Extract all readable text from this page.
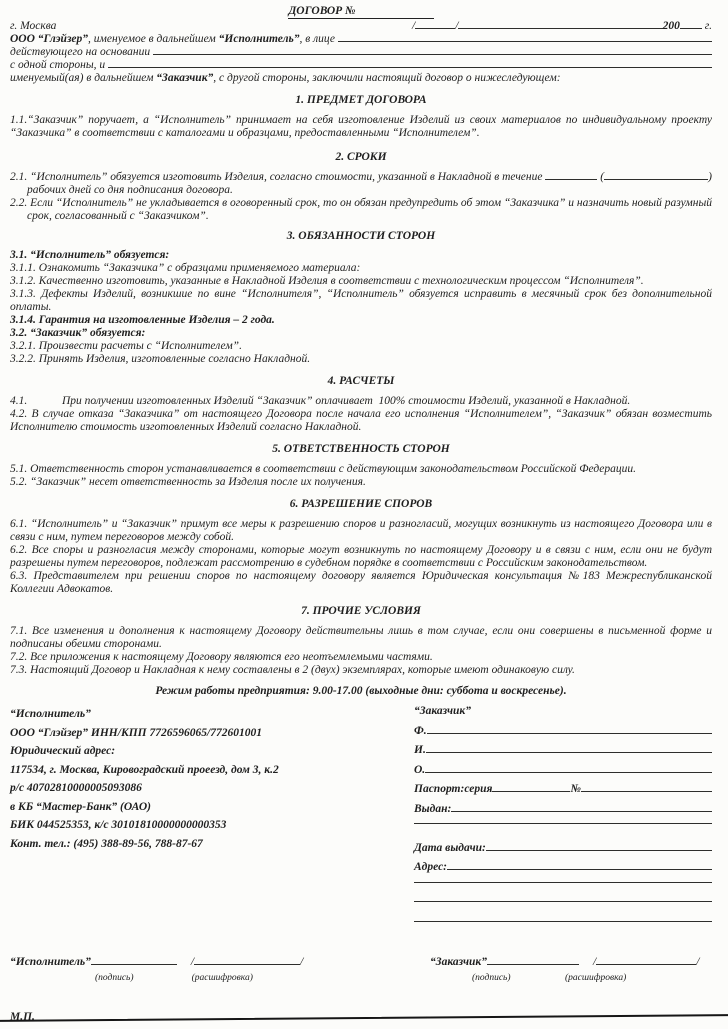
ДОГОВОР №
г. Москва	/	/	200 г.
ООО “Глэйзер”, именуемое в дальнейшем “Исполнитель”, в лице
действующего на основании
с одной стороны, и
именуемый(ая) в дальнейшем “Заказчик”, с другой стороны, заключили настоящий договор о нижеследующем:
1. ПРЕДМЕТ ДОГОВОРА
1.1.“Заказчик” поручает, а “Исполнитель” принимает на себя изготовление Изделий из своих материалов по индивидуальному проекту “Заказчика” в соответствии с каталогами и образцами, предоставленными “Исполнителем”.
2. СРОКИ
2.1. “Исполнитель” обязуется изготовить Изделия, согласно стоимости, указанной в Накладной в течение	(	)
рабочих дней со дня подписания договора.
2.2. Если “Исполнитель” не укладывается в оговоренный срок, то он обязан предупредить об этом “Заказчика” и назначить новый разумный срок, согласованный с “Заказчиком”.
3. ОБЯЗАННОСТИ СТОРОН
3.1. “Исполнитель” обязуется:
3.1.1. Ознакомить “Заказчика” с образцами применяемого материала:
3.1.2. Качественно изготовить, указанные в Накладной Изделия в соответствии с технологическим процессом “Исполнителя”.
3.1.3. Дефекты Изделий, возникшие по вине “Исполнителя”, “Исполнитель” обязуется исправить в месячный срок без дополнительной оплаты.
3.1.4. Гарантия на изготовленные Изделия – 2 года.
3.2. “Заказчик” обязуется:
3.2.1. Произвести расчеты с “Исполнителем”.
3.2.2. Принять Изделия, изготовленные согласно Накладной.
4. РАСЧЕТЫ
4.1.	При получении изготовленных Изделий “Заказчик” оплачивает  100% стоимости Изделий, указанной в Накладной.
4.2. В случае отказа “Заказчика” от настоящего Договора после начала его исполнения “Исполнителем”, “Заказчик” обязан возместить Исполнителю стоимость изготовленных Изделий согласно Накладной.
5. ОТВЕТСТВЕННОСТЬ СТОРОН
5.1. Ответственность сторон устанавливается в соответствии с действующим законодательством Российской Федерации.
5.2. “Заказчик” несет ответственность за Изделия после их получения.
6. РАЗРЕШЕНИЕ СПОРОВ
6.1. “Исполнитель” и “Заказчик” примут все меры к разрешению споров и разногласий, могущих возникнуть из настоящего Договора или в связи с ним, путем переговоров между собой.
6.2. Все споры и разногласия между сторонами, которые могут возникнуть по настоящему Договору и в связи с ним, если они не будут разрешены путем переговоров, подлежат рассмотрению в судебном порядке в соответствии с Российским законодательством.
6.3. Представителем при решении споров по настоящему договору является Юридическая консультация №183 Межреспубликанской Коллегии Адвокатов.
7. ПРОЧИЕ УСЛОВИЯ
7.1. Все изменения и дополнения к настоящему Договору действительны лишь в том случае, если они совершены в письменной форме и подписаны обеими сторонами.
7.2. Все приложения к настоящему Договору являются его неотъемлемыми частями.
7.3. Настоящий Договор и Накладная к нему составлены в 2 (двух) экземплярах, которые имеют одинаковую силу.
Режим работы предприятия: 9.00-17.00 (выходные дни: суббота и воскресенье).
“Исполнитель”
ООО “Глэйзер” ИНН/КПП 7726596065/772601001
Юридический адрес:
117534, г. Москва, Кировоградский проеезд, дом 3, к.2
р/с 40702810000005093086
в КБ “Мастер-Банк” (ОАО)
БИК 044525353, к/с 30101810000000000353
Конт. тел.: (495) 388-89-56, 788-87-67
“Заказчик”
Ф.
И.
О.
Паспорт:серия	№
Выдан:
Дата выдачи:
Адрес:
“Исполнитель”	/	/	“Заказчик”	/	/
(подпись)	(расшифровка)	(подпись)	(расшифровка)
М.П.
